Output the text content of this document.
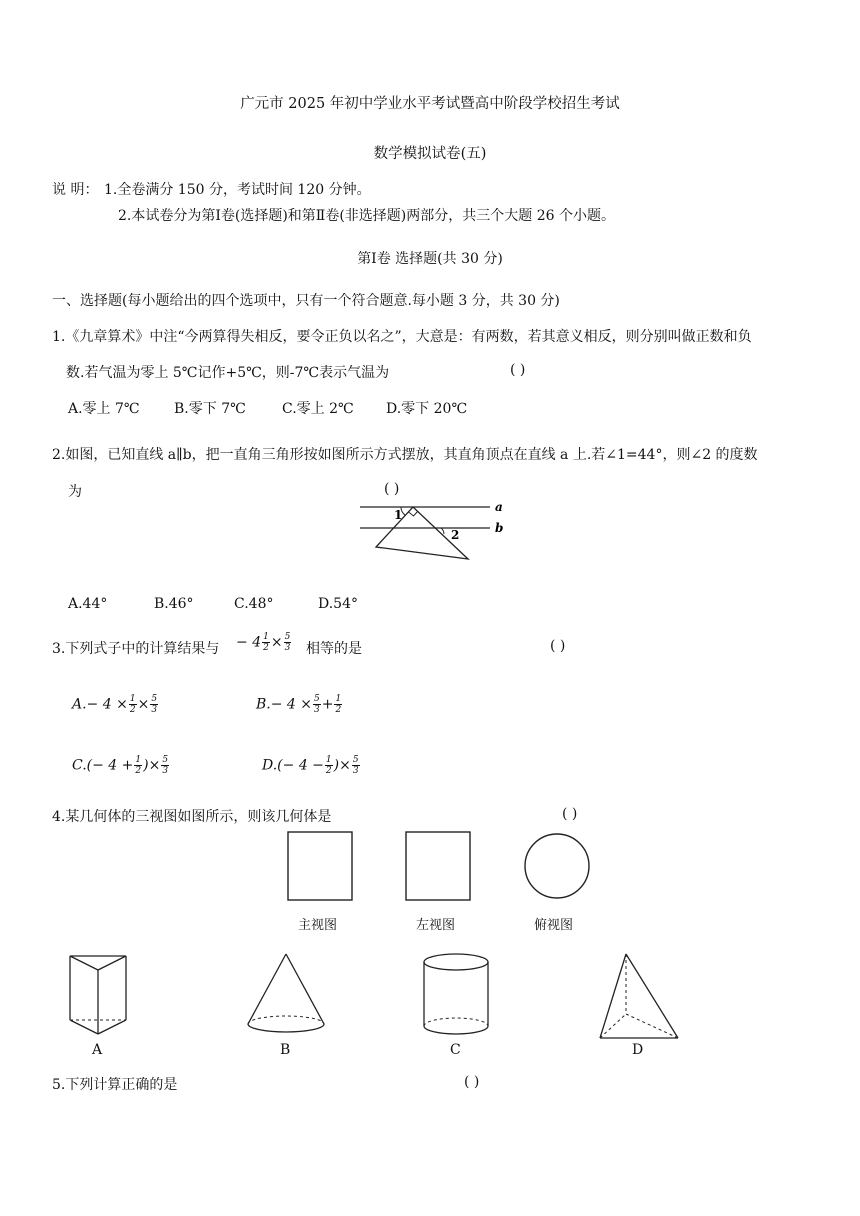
广元市 2025 年初中学业水平考试暨高中阶段学校招生考试
数学模拟试卷(五)
说 明： 1.全卷满分 150 分，考试时间 120 分钟。
2.本试卷分为第Ⅰ卷(选择题)和第Ⅱ卷(非选择题)两部分，共三个大题 26 个小题。
第Ⅰ卷 选择题(共 30 分)
一、选择题(每小题给出的四个选项中，只有一个符合题意.每小题 3 分，共 30 分)
1.《九章算术》中注“今两算得失相反，要令正负以名之”，大意是：有两数，若其意义相反，则分别叫做正数和负
数.若气温为零上 5℃记作+5℃，则-7℃表示气温为	( )
A.零上 7℃ B.零下 7℃	C.零上 2℃ D.零下 20℃
2.如图，已知直线 a∥b，把一直角三角形按如图所示方式摆放，其直角顶点在直线 a 上.若∠1=44°，则∠2 的度数
为	( )
a
b
1
2
A.44°	B.46°	C.48°	D.54°
3.下列式子中的计算结果与 − $4 \frac{1}{2} \times \frac{5}{3}$ 相等的是	( )
$A.- 4 \times \frac{1}{2} \times \frac{5}{3}$	$B.- 4 \times \frac{5}{3} + \frac{1}{2}$
$C.(- 4 + \frac{1}{2}$ )× $\frac{5}{3}$	$D.(- 4 - \frac{1}{2}$ )× $\frac{5}{3}$
4.某几何体的三视图如图所示，则该几何体是	( )
主视图	左视图	俯视图
A	B	C	D
5.下列计算正确的是	( )
